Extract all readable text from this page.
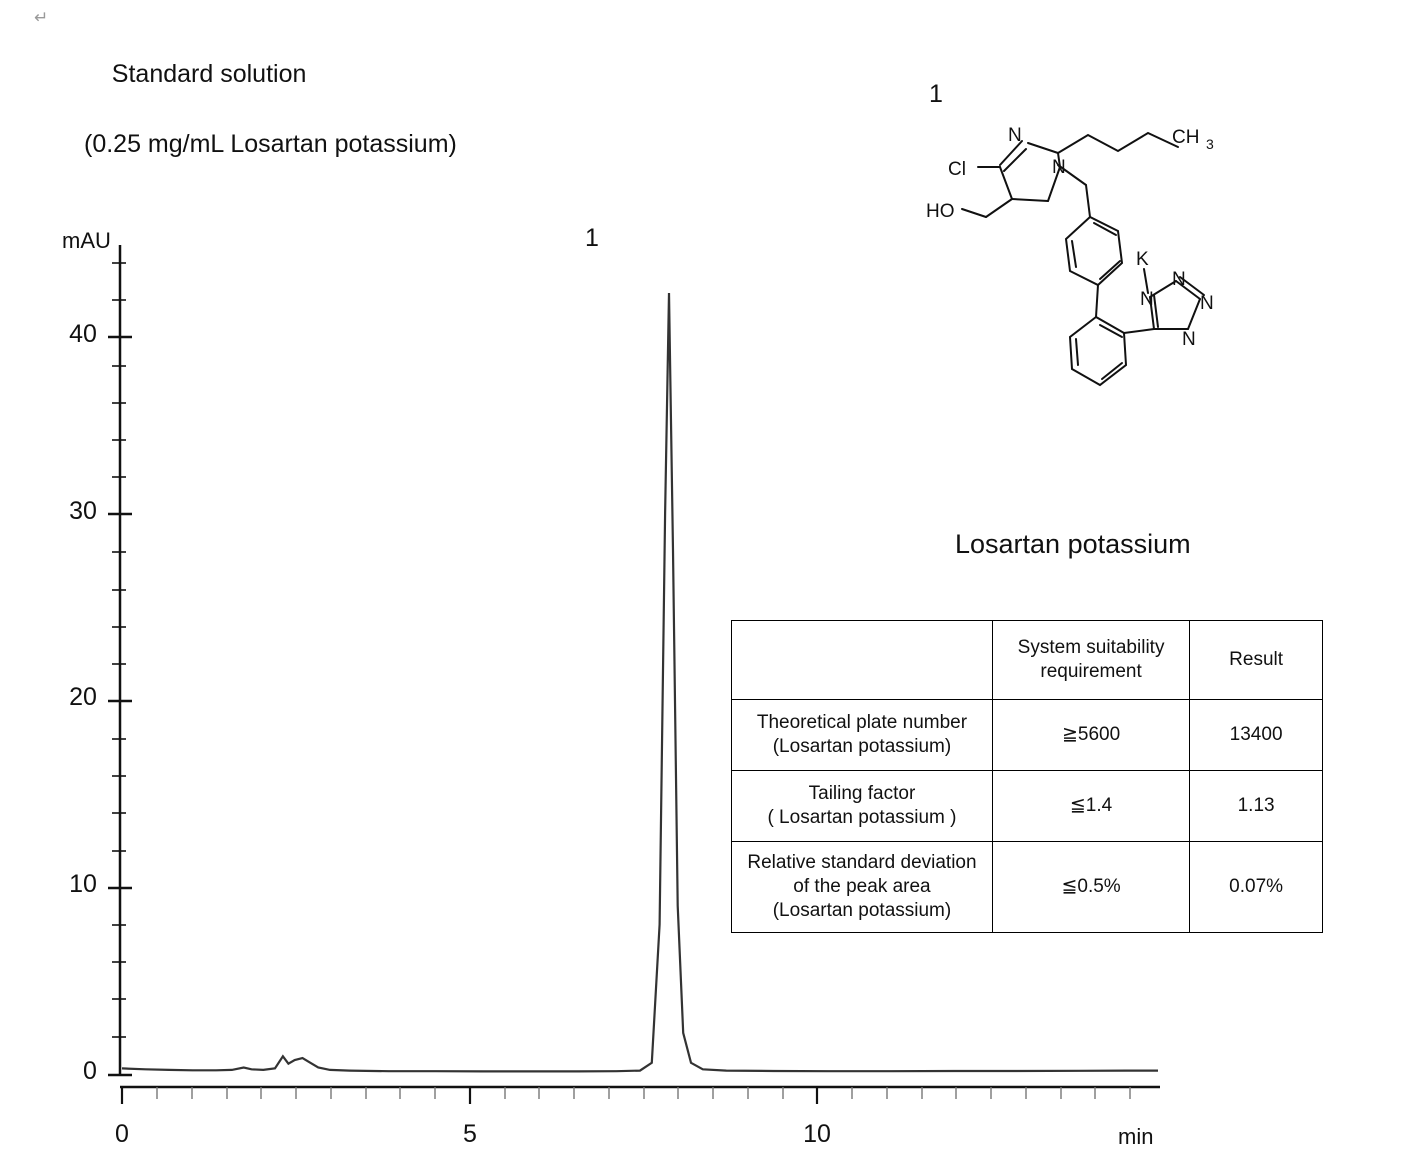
↵

Standard solution

(0.25 mg/mL Losartan potassium)

mAU
min
0
10
20
30
40
0	5	10
1
1
CH 3
N
N
Cl
HO
K
N
N
N
N
Losartan potassium

	System suitability
requirement	Result

Theoretical plate number
(Losartan potassium)	≧5600	13400

Tailing factor
( Losartan potassium )	≦1.4	1.13

Relative standard deviation
of the peak area
(Losartan potassium)	≦0.5%	0.07%
